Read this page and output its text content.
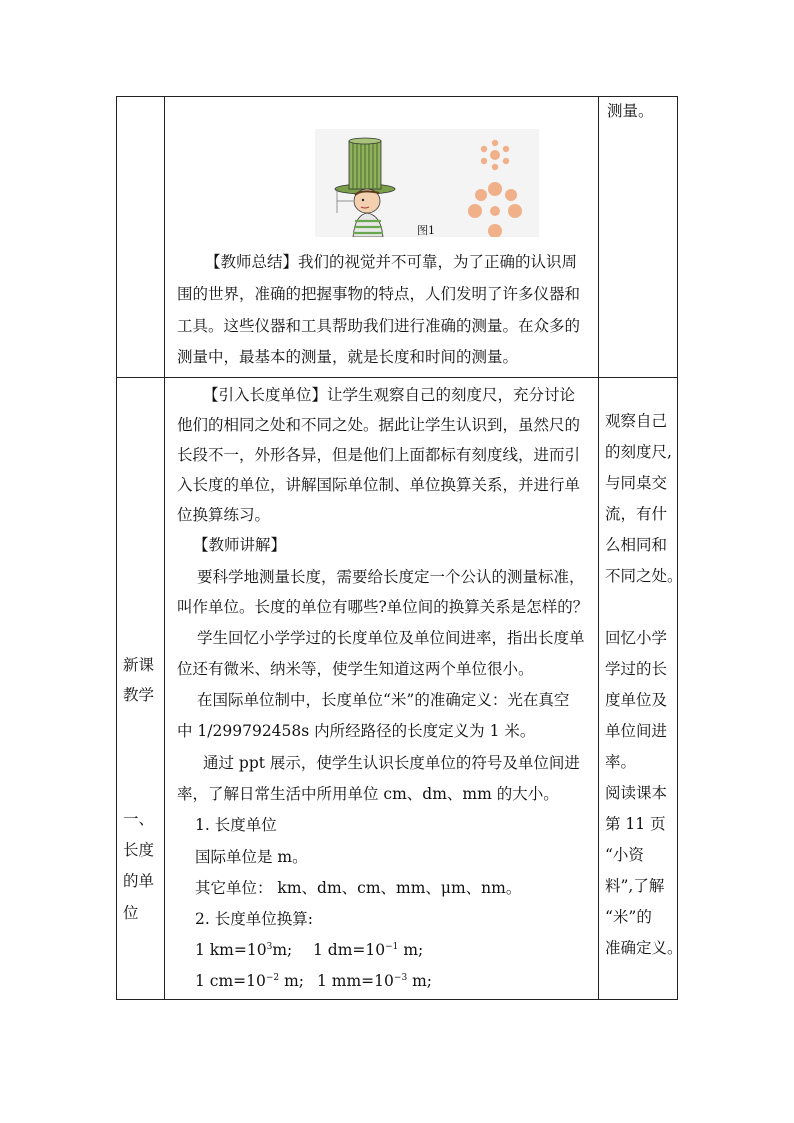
测量。
图1
【教师总结】我们的视觉并不可靠，为了正确的认识周
围的世界，准确的把握事物的特点，人们发明了许多仪器和
工具。这些仪器和工具帮助我们进行准确的测量。在众多的
测量中，最基本的测量，就是长度和时间的测量。
新课
教学
一、
长度
的单
位
【引入长度单位】让学生观察自己的刻度尺，充分讨论
他们的相同之处和不同之处。据此让学生认识到，虽然尺的
长段不一，外形各异，但是他们上面都标有刻度线，进而引
入长度的单位，讲解国际单位制、单位换算关系，并进行单
位换算练习。
【教师讲解】
要科学地测量长度，需要给长度定一个公认的测量标准，
叫作单位。长度的单位有哪些?单位间的换算关系是怎样的？
学生回忆小学学过的长度单位及单位间进率，指出长度单
位还有微米、纳米等，使学生知道这两个单位很小。
在国际单位制中，长度单位“米”的准确定义：光在真空
中 1/299792458s 内所经路径的长度定义为 1 米。
通过 ppt 展示，使学生认识长度单位的符号及单位间进
率，了解日常生活中所用单位 cm、dm、mm 的大小。
1. 长度单位
国际单位是 m。
其它单位： km、dm、cm、mm、μm、nm。
2. 长度单位换算:
1 $km=10^3m$; 1 $dm=10^{-1}$ m;
1 $cm=10^{-2}$ m; 1 $mm=10^{-3}$ m;
观察自己
的刻度尺,
与同桌交
流，有什
么相同和
不同之处。
回忆小学
学过的长
度单位及
单位间进
率。
阅读课本
第 11 页
“小资
料”,了解
“米”的
准确定义。
